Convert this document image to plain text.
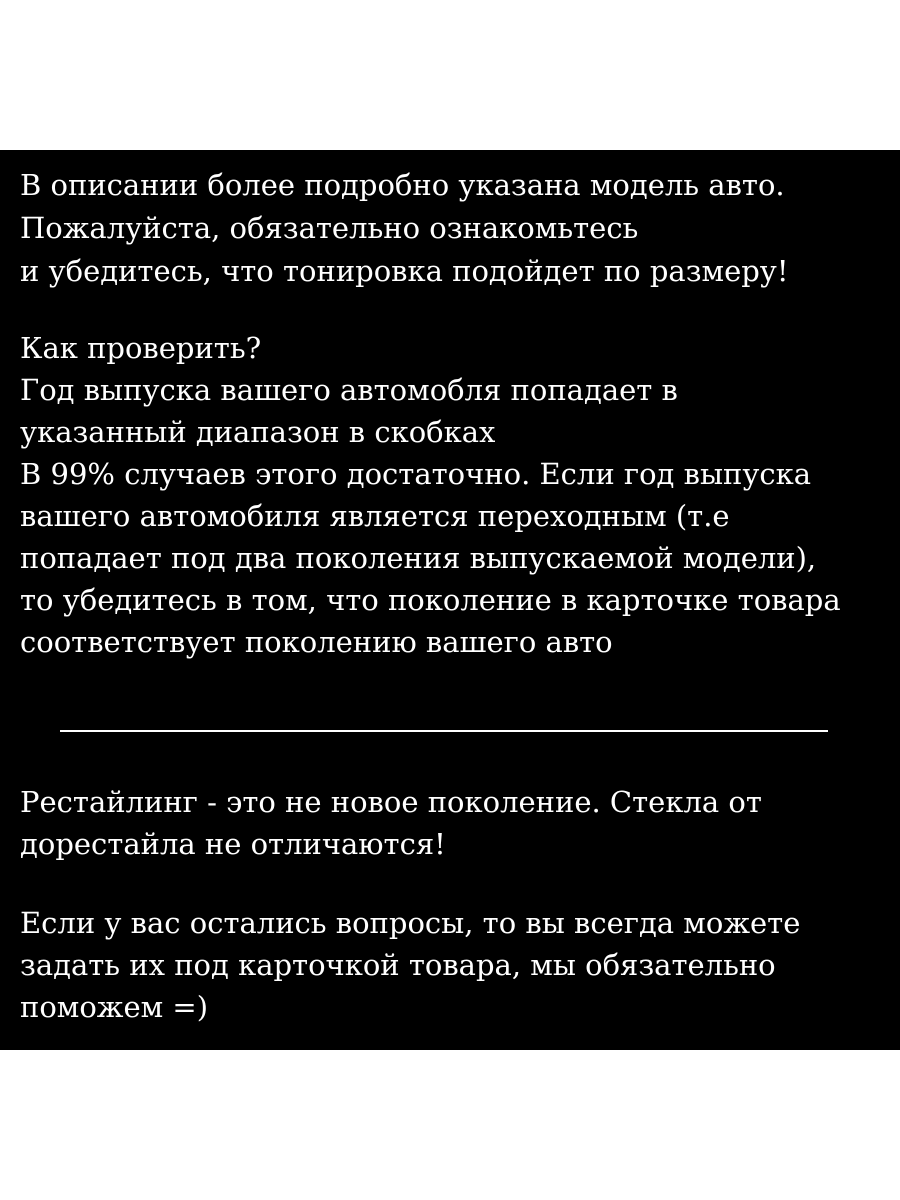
В описании более подробно указана модель авто.
Пожалуйста, обязательно ознакомьтесь
и убедитесь, что тонировка подойдет по размеру!
Как проверить?
Год выпуска вашего автомобля попадает в
указанный диапазон в скобках
В 99% случаев этого достаточно. Если год выпуска
вашего автомобиля является переходным (т.е
попадает под два поколения выпускаемой модели),
то убедитесь в том, что поколение в карточке товара
соответствует поколению вашего авто
Рестайлинг - это не новое поколение. Стекла от
дорестайла не отличаются!
Если у вас остались вопросы, то вы всегда можете
задать их под карточкой товара, мы обязательно
поможем =)
